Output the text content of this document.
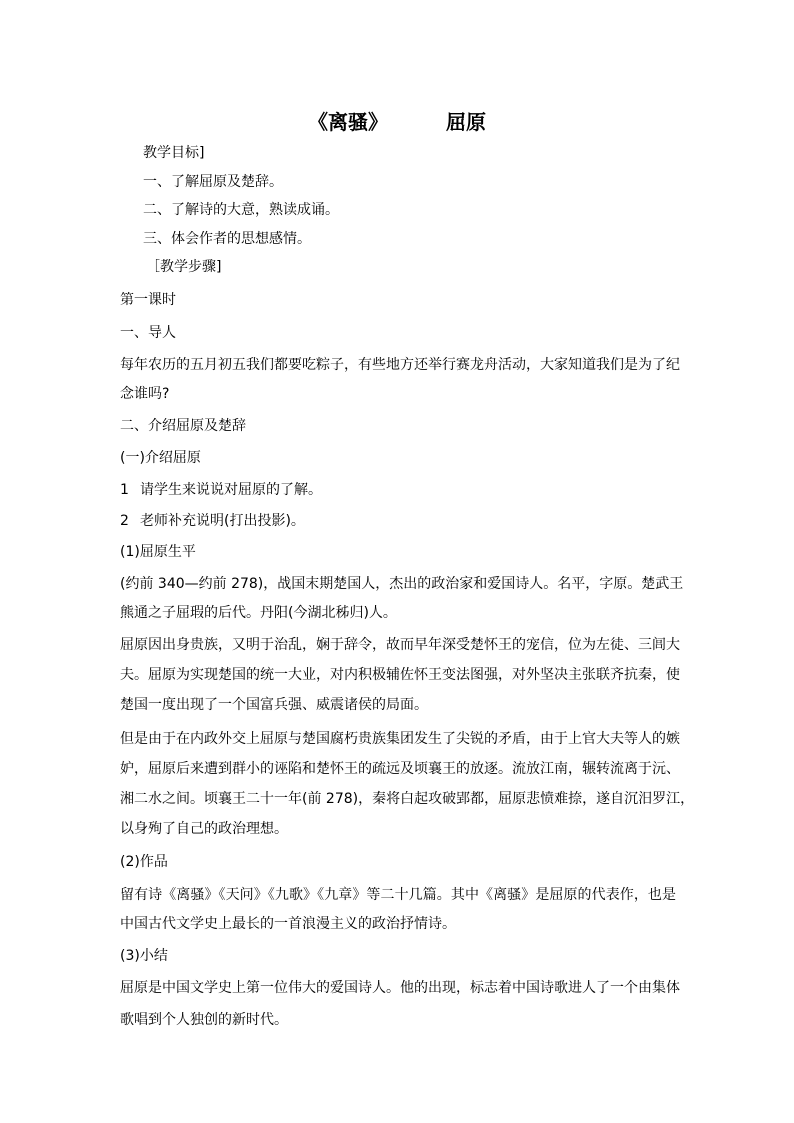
《离骚》	屈原
教学目标]
一、了解屈原及楚辞。
二、了解诗的大意，熟读成诵。
三、体会作者的思想感情。
［教学步骤]
第一课时
一、导人
每年农历的五月初五我们都要吃粽子，有些地方还举行赛龙舟活动，大家知道我们是为了纪
念谁吗?
二、介绍屈原及楚辞
(一)介绍屈原
1 请学生来说说对屈原的了解。
2 老师补充说明(打出投影)。
(1)屈原生平
(约前 340—约前 278)，战国末期楚国人，杰出的政治家和爱国诗人。名平，字原。楚武王
熊通之子屈瑕的后代。丹阳(今湖北秭归)人。
屈原因出身贵族，又明于治乱，娴于辞令，故而早年深受楚怀王的宠信，位为左徒、三闾大
夫。屈原为实现楚国的统一大业，对内积极辅佐怀王变法图强，对外坚决主张联齐抗秦，使
楚国一度出现了一个国富兵强、威震诸侯的局面。
但是由于在内政外交上屈原与楚国腐朽贵族集团发生了尖锐的矛盾，由于上官大夫等人的嫉
妒，屈原后来遭到群小的诬陷和楚怀王的疏远及顷襄王的放逐。流放江南，辗转流离于沅、
湘二水之间。顷襄王二十一年(前 278)，秦将白起攻破郢都，屈原悲愤难捺，遂自沉汨罗江，
以身殉了自己的政治理想。
(2)作品
留有诗《离骚》《天问》《九歌》《九章》等二十几篇。其中《离骚》是屈原的代表作，也是
中国古代文学史上最长的一首浪漫主义的政治抒情诗。
(3)小结
屈原是中国文学史上第一位伟大的爱国诗人。他的出现，标志着中国诗歌进人了一个由集体
歌唱到个人独创的新时代。
